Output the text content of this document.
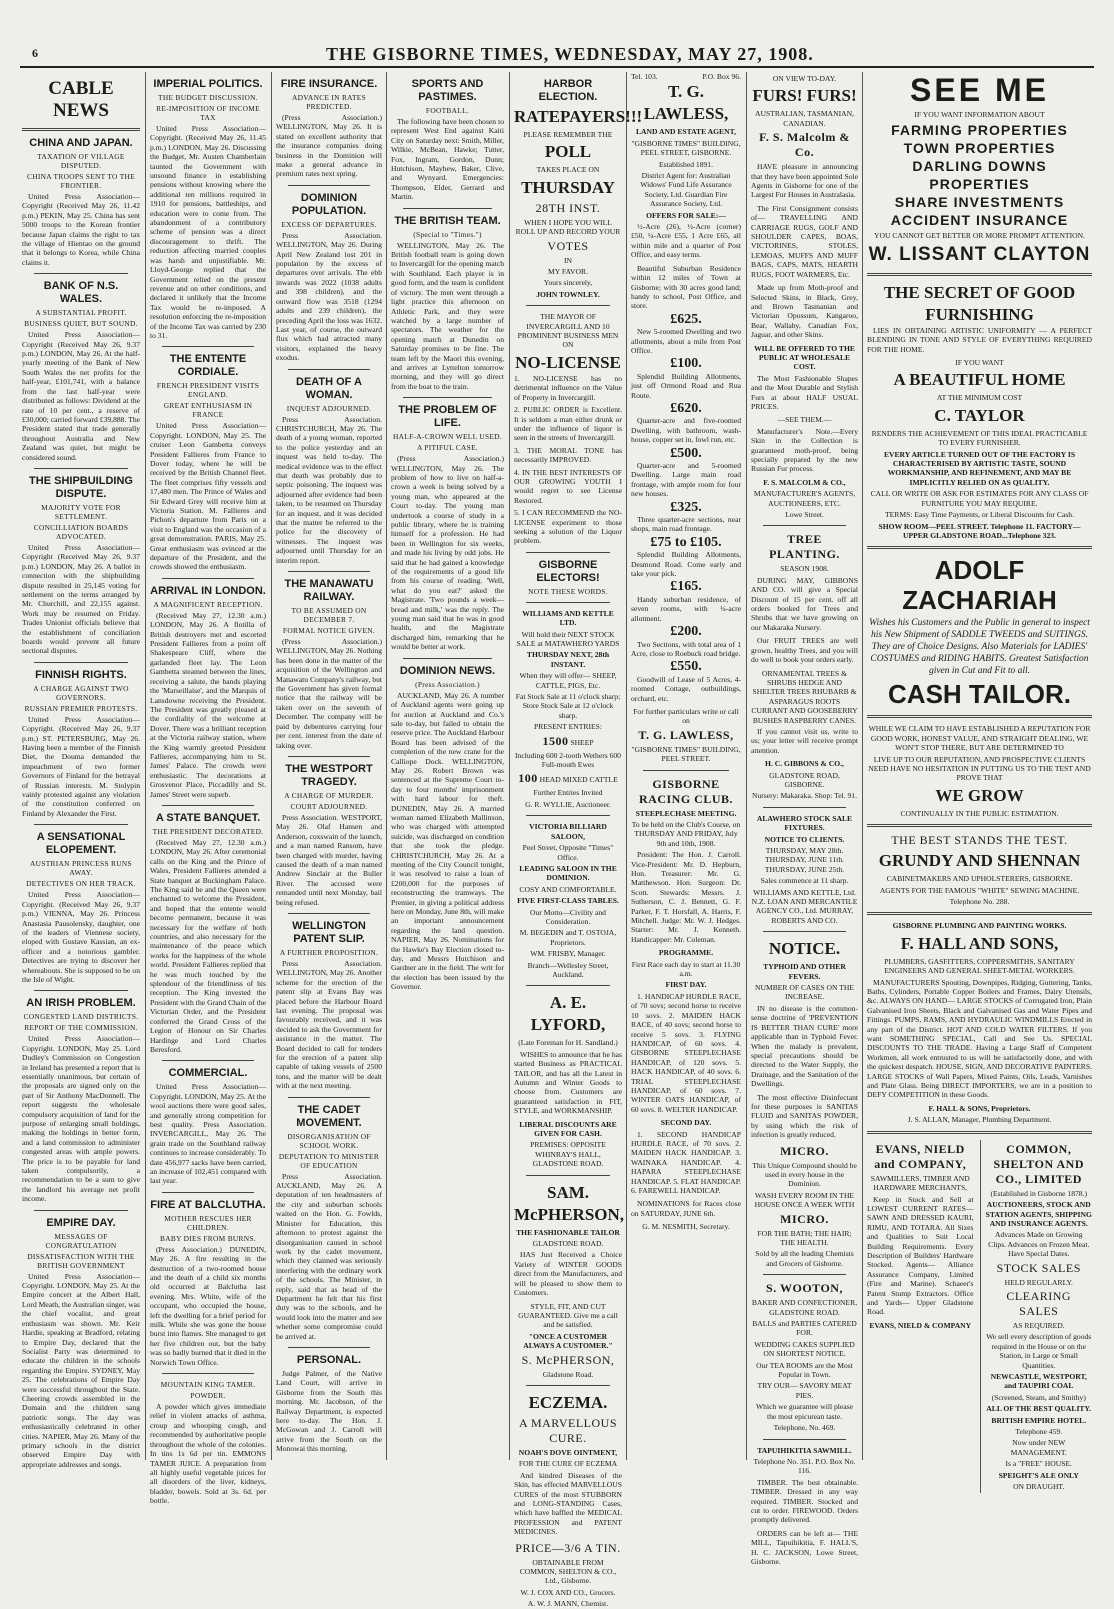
6	THE GISBORNE TIMES, WEDNESDAY, MAY 27, 1908.
CABLE NEWS
CHINA AND JAPAN.
TAXATION OF VILLAGE DISPUTED.
CHINA TROOPS SENT TO THE FRONTIER.

United Press Association—Copyright (Received May 26, 11.42 p.m.) PEKIN, May 25. China has sent 5000 troops to the Korean frontier because Japan claims the right to tax the village of Hientao on the ground that it belongs to Korea, while China claims it.

BANK OF N.S. WALES.
A SUBSTANTIAL PROFIT.
BUSINESS QUIET, BUT SOUND.

United Press Association—Copyright (Received May 26, 9.37 p.m.) LONDON, May 26. At the half-yearly meeting of the Bank of New South Wales the net profits for the half-year, £101,741, with a balance from the last half-year were distributed as follows: Dividend at the rate of 10 per cent., a reserve of £30,000; carried forward £39,888. The President stated that trade generally throughout Australia and New Zealand was quiet, but might be considered sound.

THE SHIPBUILDING DISPUTE.
MAJORITY VOTE FOR SETTLEMENT.
CONCILLIATION BOARDS ADVOCATED.

United Press Association—Copyright (Received May 26, 9.37 p.m.) LONDON, May 26. A ballot in connection with the shipbuilding dispute resulted in 25,145 voting for settlement on the terms arranged by Mr. Churchill, and 22,155 against. Work may be resumed on Friday. Trades Unionist officials believe that the establishment of conciliation boards would prevent all future sectional disputes.

FINNISH RIGHTS.
A CHARGE AGAINST TWO GOVERNORS.
RUSSIAN PREMIER PROTESTS.

United Press Association—Copyright. (Received May 26, 9.37 p.m.) ST. PETERSBURG, May 26. Having been a member of the Finnish Diet, the Douma demanded the impeachment of two former Governors of Finland for the betrayal of Russian interests. M. Stolypin vainly protested against any violation of the constitution conferred on Finland by Alexander the First.

A SENSATIONAL ELOPEMENT.
AUSTRIAN PRINCESS RUNS AWAY.
DETECTIVES ON HER TRACK.

United Press Association—Copyright. (Received May 26, 9.37 p.m.) VIENNA, May 26. Princess Anastasia Pausolensky, daughter, one of the leaders of Viennese society, eloped with Gustave Kassian, an ex-officer and a notorious gambler. Detectives are trying to discover her whereabouts. She is supposed to be on the Isle of Wight.

AN IRISH PROBLEM.
CONGESTED LAND DISTRICTS.
REPORT OF THE COMMISSION.

United Press Association—Copyright. LONDON, May 25. Lord Dudley's Commission on Congestion in Ireland has presented a report that is essentially unanimous, but certain of the proposals are signed only on the part of Sir Anthony MacDonnell. The report suggests the wholesale compulsory acquisition of land for the purpose of enlarging small holdings, making the holdings in better form, and a land commission to administer congested areas with ample powers. The price is to be payable for land taken compulsorily, a recommendation to be a sum to give the landlord his average net profit income.

EMPIRE DAY.
MESSAGES OF CONGRATULATION
DISSATISFACTION WITH THE BRITISH GOVERNMENT

United Press Association—Copyright. LONDON, May 25. At the Empire concert at the Albert Hall, Lord Meath, the Australian singer, was the chief vocalist, and great enthusiasm was shown. Mr. Keir Hardie, speaking at Bradford, relating to Empire Day, declared that the Socialist Party was determined to educate the children in the schools regarding the Empire. SYDNEY, May 25. The celebrations of Empire Day were successful throughout the State. Cheering crowds assembled in the Domain and the children sang patriotic songs. The day was enthusiastically celebrated in other cities. NAPIER, May 26. Many of the primary schools in the district observed Empire Day with appropriate addresses and songs.

IMPERIAL POLITICS.
THE BUDGET DISCUSSION.
RE-IMPOSITION OF INCOME TAX

United Press Association—Copyright. (Received May 26, 11.45 p.m.) LONDON, May 26. Discussing the Budget, Mr. Austen Chamberlain taunted the Government with unsound finance in establishing pensions without knowing where the additional ten millions required in 1910 for pensions, battleships, and education were to come from. The abandonment of a contributory scheme of pension was a direct discouragement to thrift. The reduction affecting married couples was harsh and unjustifiable. Mr. Lloyd-George replied that the Government relied on the present revenue and on other conditions, and declared it unlikely that the Income Tax would be re-imposed. A resolution enforcing the re-imposition of the Income Tax was carried by 230 to 31.

THE ENTENTE CORDIALE.
FRENCH PRESIDENT VISITS ENGLAND.
GREAT ENTHUSIASM IN FRANCE

United Press Association—Copyright. LONDON, May 25. The cruiser Leon Gambetta conveys President Fallieres from France to Dover today, where he will be received by the British Channel fleet. The fleet comprises fifty vessels and 17,480 men. The Prince of Wales and Sir Edward Grey will receive him at Victoria Station. M. Fallieres and Pichon's departure from Paris on a visit to England was the occasion of a great demonstration. PARIS, May 25. Great enthusiasm was evinced at the departure of the President, and the crowds showed the enthusiasm.

ARRIVAL IN LONDON.
A MAGNIFICENT RECEPTION.

(Received May 27, 12.30 a.m.) LONDON, May 26. A flotilla of British destroyers met and escorted President Fallieres from a point off Shakespeare Cliff, where the garlanded fleet lay. The Leon Gambetta steamed between the lines, receiving a salute, the bands playing the 'Marseillaise', and the Marquis of Lansdowne receiving the President. The President was greatly pleased at the cordiality of the welcome at Dover. There was a brilliant reception at the Victoria railway station, where the King warmly greeted President Fallieres, accompanying him to St. James' Palace. The crowds were enthusiastic. The decorations at Grosvenor Place, Piccadilly and St. James' Street were superb.

A STATE BANQUET.
THE PRESIDENT DECORATED.

(Received May 27, 12.30 a.m.) LONDON, May 26. After ceremonial calls on the King and the Prince of Wales, President Fallieres attended a State banquet at Buckingham Palace. The King said he and the Queen were enchanted to welcome the President, and hoped that the entente would become permanent, because it was necessary for the welfare of both countries, and also necessary for the maintenance of the peace which works for the happiness of the whole world. President Fallieres replied that he was much touched by the splendour of the friendliness of his reception. The King invested the President with the Grand Chain of the Victorian Order, and the President conferred the Grand Cross of the Legion of Honour on Sir Charles Hardinge and Lord Charles Beresford.

COMMERCIAL.

United Press Association—Copyright. LONDON, May 25. At the wool auctions there were good sales, and generally strong competition for best quality. Press Association. INVERCARGILL, May 26. The grain trade on the Southland railway continues to increase considerably. To date 456,977 sacks have been carried, an increase of 102,451 compared with last year.

FIRE AT BALCLUTHA.
MOTHER RESCUES HER CHILDREN.
BABY DIES FROM BURNS.

(Press Association.) DUNEDIN, May 26. A fire resulting in the destruction of a two-roomed house and the death of a child six months old occurred at Balclutha last evening. Mrs. White, wife of the occupant, who occupied the house, left the dwelling for a brief period for milk. While she was gone the house burst into flames. She managed to get her five children out, but the baby was so badly burned that it died in the Norwich Town Office.

MOUNTAIN KING TAMER.
POWDER.

A powder which gives immediate relief in violent attacks of asthma, croup and whooping cough, and recommended by authoritative people throughout the whole of the colonies. In tins 1s 6d per tin. EMMONS TAMER JUICE. A preparation from all highly useful vegetable juices for all disorders of the liver, kidneys, bladder, bowels. Sold at 3s. 6d. per bottle.

FIRE INSURANCE.
ADVANCE IN RATES PREDICTED.

(Press Association.) WELLINGTON, May 26. It is stated on excellent authority that the insurance companies doing business in the Dominion will make a general advance in premium rates next spring.

DOMINION POPULATION.
EXCESS OF DEPARTURES.

Press Association. WELLINGTON, May 26. During April New Zealand lost 201 in population by the excess of departures over arrivals. The ebb inwards was 2022 (1038 adults and 398 children), and the outward flow was 3518 (1294 adults and 239 children), the preceding April the loss was 1632. Last year, of course, the outward flux which had attracted many visitors, explained the heavy exodus.

DEATH OF A WOMAN.
INQUEST ADJOURNED.

Press Association. CHRISTCHURCH, May 26. The death of a young woman, reported to the police yesterday and an inquest was held to-day. The medical evidence was to the effect that death was probably due to septic poisoning. The inquest was adjourned after evidence had been taken, to be resumed on Thursday for an inquest, and it was decided that the matter be referred to the police for the discovery of witnesses. The inquest was adjourned until Thursday for an interim report.

THE MANAWATU RAILWAY.
TO BE ASSUMED ON DECEMBER 7.
FORMAL NOTICE GIVEN.

(Press Association.) WELLINGTON, May 26. Nothing has been done in the matter of the acquisition of the Wellington and Manawatu Company's railway, but the Government has given formal notice that the railway will be taken over on the seventh of December. The company will be paid by debentures carrying four per cent. interest from the date of taking over.

THE WESTPORT TRAGEDY.
A CHARGE OF MURDER.
COURT ADJOURNED.

Press Association. WESTPORT, May 26. Olaf Hansen and Anderson, coxswain of the launch, and a man named Ransom, have been charged with murder, having caused the death of a man named Andrew Sinclair at the Buller River. The accused were remanded until next Monday, bail being refused.

WELLINGTON PATENT SLIP.
A FURTHER PROPOSITION.

Press Association. WELLINGTON, May 26. Another scheme for the erection of the patent slip at Evans Bay was placed before the Harbour Board last evening. The proposal was favourably received, and it was decided to ask the Government for assistance in the matter. The Board decided to call for tenders for the erection of a patent slip capable of taking vessels of 2500 tons, and the matter will be dealt with at the next meeting.

THE CADET MOVEMENT.
DISORGANISATION OF SCHOOL WORK.
DEPUTATION TO MINISTER OF EDUCATION

Press Association. AUCKLAND, May 26. A deputation of ten headmasters of the city and suburban schools waited on the Hon. G. Fowlds, Minister for Education, this afternoon to protest against the disorganisation caused in school work by the cadet movement, which they claimed was seriously interfering with the ordinary work of the schools. The Minister, in reply, said that as head of the Department he felt that his first duty was to the schools, and he would look into the matter and see whether some compromise could be arrived at.

PERSONAL.

Judge Palmer, of the Native Land Court, will arrive in Gisborne from the South this morning. Mr. Jacobson, of the Railway Department, is expected here to-day. The Hon. J. McGowan and J. Carroll will arrive from the South on the Monowai this morning.

SPORTS AND PASTIMES.
FOOTBALL.

The following have been chosen to represent West End against Kaiti City on Saturday next: Smith, Miller, Wilkie, McBean, Hawke; Tutter, Fox, Ingram, Gordon, Dunn; Hutchison, Mayhew, Baker, Clive, and Wynyard. Emergencies: Thompson, Elder, Gerrard and Martin.

THE BRITISH TEAM.
(Special to "Times.")

WELLINGTON, May 26. The British football team is going down to Invercargill for the opening match with Southland. Each player is in good form, and the team is confident of victory. The men went through a light practice this afternoon on Athletic Park, and they were watched by a large number of spectators. The weather for the opening match at Dunedin on Saturday promises to be fine. The team left by the Maori this evening, and arrives at Lyttelton tomorrow morning, and they will go direct from the boat to the train.

THE PROBLEM OF LIFE.
HALF-A-CROWN WELL USED.
A PITIFUL CASE.

(Press Association.) WELLINGTON, May 26. The problem of how to live on half-a-crown a week is being solved by a young man, who appeared at the Court to-day. The young man undertook a course of study in a public library, where he is training himself for a profession. He had been in Wellington for six weeks, and made his living by odd jobs. He said that he had gained a knowledge of the requirements of a good life from his course of reading. 'Well, what do you eat?' asked the Magistrate. 'Two pounds a week—bread and milk,' was the reply. The young man said that he was in good health, and the Magistrate discharged him, remarking that he would be better at work.

DOMINION NEWS.
(Press Association.)

AUCKLAND, May 26. A number of Auckland agents were going up for auction at Auckland and Co.'s sale to-day, but failed to obtain the reserve price. The Auckland Harbour Board has been advised of the completion of the new crane for the Calliope Dock. WELLINGTON, May 26. Robert Brown was sentenced at the Supreme Court to-day to four months' imprisonment with hard labour for theft. DUNEDIN, May 26. A married woman named Elizabeth Mallinson, who was charged with attempted suicide, was discharged on condition that she took the pledge. CHRISTCHURCH, May 26. At a meeting of the City Council tonight, it was resolved to raise a loan of £200,000 for the purposes of reconstructing the tramways. The Premier, in giving a political address here on Monday, June 8th, will make an important announcement regarding the land question. NAPIER, May 26. Nominations for the Hawke's Bay Election closed to-day, and Messrs Hutchison and Gardner are in the field. The writ for the election has been issued by the Governor.

HARBOR ELECTION.
RATEPAYERS!!!
PLEASE REMEMBER THE
POLL
TAKES PLACE ON
THURSDAY
28TH INST.
WHEN I HOPE YOU WILL ROLL UP AND RECORD YOUR
VOTES
IN
MY FAVOR.
Yours sincerely,
JOHN TOWNLEY.
THE MAYOR OF INVERCARGILL AND 10 PROMINENT BUSINESS MEN ON
NO-LICENSE

1. NO-LICENSE has no detrimental influence on the Value of Property in Invercargill.

2. PUBLIC ORDER is Excellent. It is seldom a man either drunk or under the influence of liquor is seen in the streets of Invercargill.

3. THE MORAL TONE has necessarily IMPROVED.

4. IN THE BEST INTERESTS OF OUR GROWING YOUTH I would regret to see License Restored.

5. I CAN RECOMMEND the NO-LICENSE experiment to those seeking a solution of the Liquor problem.

GISBORNE ELECTORS!
NOTE THESE WORDS.
WILLIAMS AND KETTLE LTD.
Will hold their NEXT STOCK SALE at MATAWHERO YARDS
THURSDAY NEXT, 28th INSTANT.
When they will offer— SHEEP, CATTLE, PIGS, Etc.
Fat Stock Sale at 11 o'clock sharp; Store Stock Sale at 12 o'clock sharp.
PRESENT ENTRIES:
1500 SHEEP
Including 600 2-tooth Wethers 600 Full-mouth Ewes
100 HEAD MIXED CATTLE
Further Entries Invited
G. R. WYLLIE, Auctioneer.
VICTORIA BILLIARD SALOON,
Peel Street, Opposite "Times" Office.
LEADING SALOON IN THE DOMINION.
COSY AND COMFORTABLE.
FIVE FIRST-CLASS TABLES.
Our Motto—Civility and Consideration.
M. BEGEDIN and T. OSTOJA, Proprietors.
WM. FRISBY, Manager.
Branch—Wellesley Street, Auckland.
A. E. LYFORD,
(Late Foreman for H. Sandland.)

WISHES to announce that he has started Business as PRACTICAL TAILOR, and has all the Latest in Autumn and Winter Goods to choose from. Customers are guaranteed satisfaction in FIT, STYLE, and WORKMANSHIP.

LIBERAL DISCOUNTS ARE GIVEN FOR CASH.
PREMISES: OPPOSITE WHINRAY'S HALL, GLADSTONE ROAD.
SAM. McPHERSON,
THE FASHIONABLE TAILOR
GLADSTONE ROAD.

HAS Just Received a Choice Variety of WINTER GOODS direct from the Manufacturers, and will be pleased to show them to Customers.

STYLE, FIT, AND CUT GUARANTEED. Give me a call and be satisfied.
"ONCE A CUSTOMER ALWAYS A CUSTOMER."
S. McPHERSON,
Gladstone Road.
ECZEMA.
A MARVELLOUS CURE.
NOAH'S DOVE OINTMENT,
FOR THE CURE OF ECZEMA

And kindred Diseases of the Skin, has effected MARVELLOUS CURES of the most STUBBORN and LONG-STANDING Cases, which have baffled the MEDICAL PROFESSION and PATENT MEDICINES.

PRICE—3/6 A TIN.
OBTAINABLE FROM COMMON, SHELTON & CO., Ltd., Gisborne.
W. J. COX AND CO., Grocers.
A. W. J. MANN, Chemist.
Tel. 103.	P.O. Box 96.
T. G. LAWLESS,
LAND AND ESTATE AGENT,
"GISBORNE TIMES" BUILDING, PEEL STREET, GISBORNE.
Established 1891.
District Agent for: Australian Widows' Fund Life Assurance Society, Ltd. Guardian Fire Assurance Society, Ltd.
OFFERS FOR SALE:—

½-Acre (26), ½-Acre (corner) £50, ¼-Acre £55, 1 Acre £65, all within mile and a quarter of Post Office, and easy terms.

Beautiful Suburban Residence within 12 miles of Town at Gisborne; with 30 acres good land; handy to school, Post Office, and store.

£625.

New 5-roomed Dwelling and two allotments, about a mile from Post Office.

£100.

Splendid Building Allotments, just off Ormond Road and Rua Route.

£620.

Quarter-acre and five-roomed Dwelling, with bathroom, wash-house, copper set in, fowl run, etc.

£500.

Quarter-acre and 5-roomed Dwelling. Large main road frontage, with ample room for four new houses.

£325.

Three quarter-acre sections, near shops, main road frontage.

£75 to £105.

Splendid Building Allotments, Desmond Road. Come early and take your pick.

£165.

Handy suburban residence, of seven rooms, with ¼-acre allotment.

£200.

Two Sections, with total area of 1 Acre, close to Roebuck road bridge.

£550.

Goodwill of Lease of 5 Acres, 4-roomed Cottage, outbuildings, orchard, etc.

For further particulars write or call on
T. G. LAWLESS,
"GISBORNE TIMES" BUILDING, PEEL STREET.
GISBORNE RACING CLUB.
STEEPLECHASE MEETING.
To be held on the Club's Course, on THURSDAY AND FRIDAY, July 9th and 10th, 1908.

President: The Hon. J. Carroll. Vice-President: Mr. D. Hepburn, Hon. Treasurer: Mr. G. Matthewson. Hon. Surgeon: Dr. Scott. Stewards: Messrs. J. Sutherson, C. J. Bennett, G. F. Parker, F. T. Horsfall, A. Harris, F. Mitchell. Judge: Mr. W. J. Hedges. Starter: Mr. J. Kenneth. Handicapper: Mr. Coleman.

PROGRAMME.
First Race each day to start at 11.30 a.m.
FIRST DAY.

1. HANDICAP HURDLE RACE, of 70 sovs; second horse to receive 10 sovs. 2. MAIDEN HACK RACE, of 40 sovs; second horse to receive 5 sovs. 3. FLYING HANDICAP, of 60 sovs. 4. GISBORNE STEEPLECHASE HANDICAP, of 120 sovs. 5. HACK HANDICAP, of 40 sovs. 6. TRIAL STEEPLECHASE HANDICAP, of 60 sovs. 7. WINTER OATS HANDICAP, of 60 sovs. 8. WELTER HANDICAP.

SECOND DAY.

1. SECOND HANDICAP HURDLE RACE, of 70 sovs. 2. MAIDEN HACK HANDICAP. 3. WAINAKA HANDICAP. 4. HAPARA STEEPLECHASE HANDICAP. 5. FLAT HANDICAP. 6. FAREWELL HANDICAP.

NOMINATIONS for Races close on SATURDAY, JUNE 6th.

G. M. NESMITH, Secretary.
ON VIEW TO-DAY.
FURS! FURS!
AUSTRALIAN, TASMANIAN, CANADIAN.
F. S. Malcolm & Co.

HAVE pleasure in announcing that they have been appointed Sole Agents in Gisborne for one of the Largest Fur Houses in Australasia.

The First Consignment consists of— TRAVELLING AND CARRIAGE RUGS, GOLF AND SHOULDER CAPES, BOAS, VICTORINES, STOLES, LEMOAS, MUFFS AND MUFF BAGS, CAPS, MATS, HEARTH RUGS, FOOT WARMERS, Etc.

Made up from Moth-proof and Selected Skins, in Black, Grey, and Brown Tasmanian and Victorian Opossum, Kangaroo, Bear, Wallaby, Canadian Fox, Jaguar, and other Skins.

WILL BE OFFERED TO THE PUBLIC AT WHOLESALE COST.

The Most Fashionable Shapes and the Most Durable and Stylish Furs at about HALF USUAL PRICES.

—SEE THEM.—

Manufacturer's Note.—Every Skin in the Collection is guaranteed moth-proof, being specially prepared by the new Russian Fur process.

F. S. MALCOLM & CO.,
MANUFACTURER'S AGENTS, AUCTIONEERS, ETC.
Lowe Street.
TREE PLANTING.
SEASON 1908.

DURING MAY, GIBBONS AND CO. will give a Special Discount of 15 per cent. off all orders booked for Trees and Shrubs that we have growing on our Makaraka Nursery.

Our FRUIT TREES are well grown, healthy Trees, and you will do well to book your orders early.

ORNAMENTAL TREES & SHRUBS HEDGE AND SHELTER TREES RHUBARB & ASPARAGUS ROOTS CURRANT AND GOOSEBERRY BUSHES RASPBERRY CANES.

If you cannot visit us, write to us; your letter will receive prompt attention.

H. C. GIBBONS & CO.,
GLADSTONE ROAD, GISBORNE.
Nursery: Makaraka. Shop: Tel. 91.
ALAWHERO STOCK SALE FIXTURES.
NOTICE TO CLIENTS.
THURSDAY, MAY 28th. THURSDAY, JUNE 11th. THURSDAY, JUNE 25th.
Sales commence at 11 sharp.
WILLIAMS AND KETTLE, Ltd. N.Z. LOAN AND MERCANTILE AGENCY CO., Ltd. MURRAY, ROBERTS AND CO.
NOTICE.
TYPHOID AND OTHER FEVERS.
NUMBER OF CASES ON THE INCREASE.

IN no disease is the common-sense doctrine of 'PREVENTION IS BETTER THAN CURE' more applicable than in Typhoid Fever. When the malady is prevalent, special precautions should be directed to the Water Supply, the Drainage, and the Sanitation of the Dwellings.

The most effective Disinfectant for these purposes is SANITAS FLUID and SANITAS POWDER, by using which the risk of infection is greatly reduced.

MICRO.
This Unique Compound should be used in every house in the Dominion.
WASH EVERY ROOM IN THE HOUSE ONCE A WEEK WITH
MICRO.
FOR THE BATH; THE HAIR; THE HEALTH.
Sold by all the leading Chemists and Grocers of Gisborne.
S. WOOTON,
BAKER AND CONFECTIONER, GLADSTONE ROAD.
BALLS and PARTIES CATERED FOR.
WEDDING CAKES SUPPLIED ON SHORTEST NOTICE.
Our TEA ROOMS are the Most Popular in Town.
TRY OUR— SAVORY MEAT PIES.
Which we guarantee will please the most epicurean taste.
Telephone, No. 469.
TAPUIHIKITIA SAWMILL.
Telephone No. 351. P.O. Box No. 116.

TIMBER. The best obtainable. TIMBER. Dressed in any way required. TIMBER. Stocked and cut to order. FIREWOOD. Orders promptly delivered.

ORDERS can be left at— THE MILL, Tapuihikitia, F. HALL'S, H. C. JACKSON, Lowe Street, Gisborne.

SEE ME
IF YOU WANT INFORMATION ABOUT
FARMING PROPERTIES
TOWN PROPERTIES
DARLING DOWNS PROPERTIES
SHARE INVESTMENTS
ACCIDENT INSURANCE
YOU CANNOT GET BETTER OR MORE PROMPT ATTENTION.
W. LISSANT CLAYTON
THE SECRET OF GOOD FURNISHING

LIES IN OBTAINING ARTISTIC UNIFORMITY — A PERFECT BLENDING IN TONE AND STYLE OF EVERYTHING REQUIRED FOR THE HOME.

IF YOU WANT
A BEAUTIFUL HOME
AT THE MINIMUM COST
C. TAYLOR
RENDERS THE ACHIEVEMENT OF THIS IDEAL PRACTICABLE TO EVERY FURNISHER.
EVERY ARTICLE TURNED OUT OF THE FACTORY IS CHARACTERISED BY ARTISTIC TASTE, SOUND WORKMANSHIP, AND REFINEMENT, AND MAY BE IMPLICITLY RELIED ON AS QUALITY.
CALL OR WRITE OR ASK FOR ESTIMATES FOR ANY CLASS OF FURNITURE YOU MAY REQUIRE.
TERMS: Easy Time Payments, or Liberal Discounts for Cash.
SHOW ROOM—PEEL STREET. Telephone 11. FACTORY—UPPER GLADSTONE ROAD...Telephone 323.
ADOLF ZACHARIAH
Wishes his Customers and the Public in general to inspect his New Shipment of SADDLE TWEEDS and SUITINGS. They are of Choice Designs. Also Materials for LADIES' COSTUMES and RIDING HABITS. Greatest Satisfaction given in Cut and Fit to all.
CASH TAILOR.
WHILE WE CLAIM TO HAVE ESTABLISHED A REPUTATION FOR GOOD WORK, HONEST VALUE, AND STRAIGHT DEALING, WE WON'T STOP THERE, BUT ARE DETERMINED TO
LIVE UP TO OUR REPUTATION, AND PROSPECTIVE CLIENTS NEED HAVE NO HESITATION IN PUTTING US TO THE TEST AND PROVE THAT
WE GROW
CONTINUALLY IN THE PUBLIC ESTIMATION.
THE BEST STANDS THE TEST.
GRUNDY AND SHENNAN
CABINETMAKERS AND UPHOLSTERERS, GISBORNE.
AGENTS FOR THE FAMOUS "WHITE" SEWING MACHINE.
Telephone No. 288.
GISBORNE PLUMBING AND PAINTING WORKS.
F. HALL AND SONS,
PLUMBERS, GASFITTERS, COPPERSMITHS, SANITARY ENGINEERS AND GENERAL SHEET-METAL WORKERS.

MANUFACTURERS Spouting, Downpipes, Ridging, Guttering, Tanks, Baths, Cylinders, Portable Copper Boilers and Frames, Dairy Utensils, &c. ALWAYS ON HAND— LARGE STOCKS of Corrugated Iron, Plain Galvanised Iron Sheets, Black and Galvanised Gas and Water Pipes and Fittings. PUMPS, RAMS, AND HYDRAULIC WINDMILLS Erected in any part of the District. HOT AND COLD WATER FILTERS. If you want SOMETHING SPECIAL, Call and See Us. SPECIAL DISCOUNTS TO THE TRADE. Having a Large Staff of Competent Workmen, all work entrusted to us will be satisfactorily done, and with the quickest despatch. HOUSE, SIGN, AND DECORATIVE PAINTERS. LARGE STOCKS of Wall Papers, Mixed Paints, Oils, Leads, Varnishes and Plate Glass. Being DIRECT IMPORTERS, we are in a position to DEFY COMPETITION in these Goods.

F. HALL & SONS, Proprietors.
J. S. ALLAN, Manager, Plumbing Department.
EVANS, NIELD and COMPANY,
SAWMILLERS, TIMBER AND HARDWARE MERCHANTS,

Keep in Stock and Sell at LOWEST CURRENT RATES— SAWN AND DRESSED KAURI, RIMU, AND TOTARA. All Sizes and Qualities to Suit Local Building Requirements. Every Description of Builders' Hardware Stocked. Agents— Alliance Assurance Company, Limited (Fire and Marine). Schaeer's Patent Stump Extractors. Office and Yards— Upper Gladstone Road.

EVANS, NIELD & COMPANY
COMMON, SHELTON AND CO., LIMITED
(Established in Gisborne 1878.)
AUCTIONEERS, STOCK AND STATION AGENTS, SHIPPING AND INSURANCE AGENTS.
Advances Made on Growing Clips. Advances on Frozen Meat. Have Special Dates.
STOCK SALES
HELD REGULARLY.
CLEARING SALES
AS REQUIRED.
We sell every description of goods required in the House or on the Station, in Large or Small Quantities.
NEWCASTLE, WESTPORT, and TAUPIRI COAL
(Screened, Steam, and Smithy)
ALL OF THE BEST QUALITY.
BRITISH EMPIRE HOTEL.
Telephone 459.
Now under NEW MANAGEMENT.
Is a "FREE" HOUSE.
SPEIGHT'S ALE ONLY
ON DRAUGHT.
